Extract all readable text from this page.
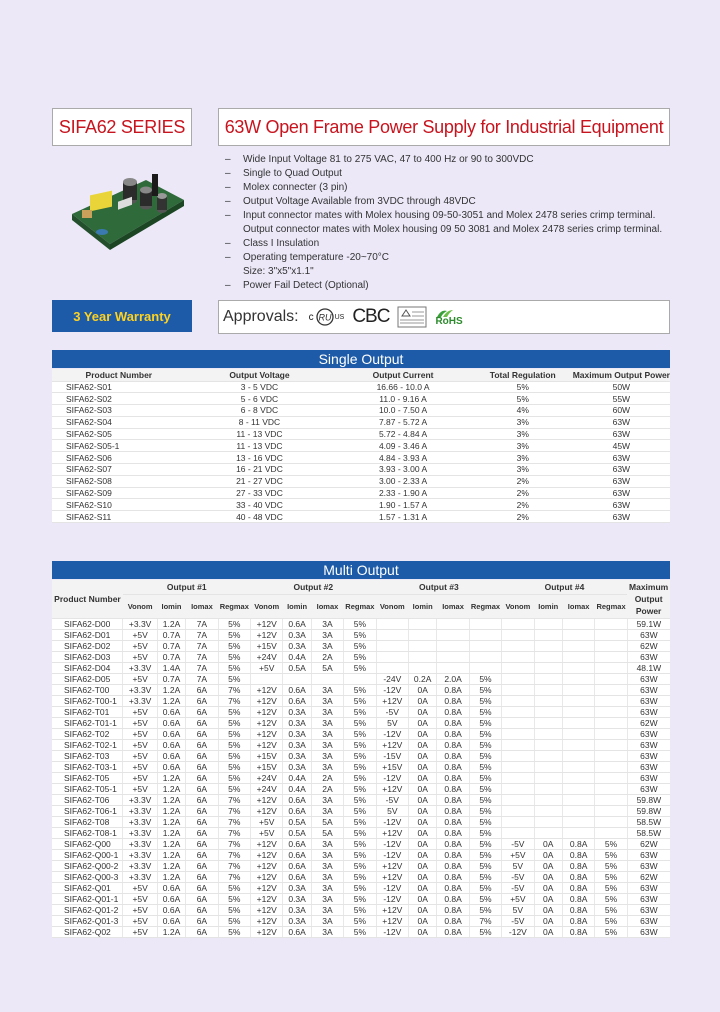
SIFA62 SERIES	63W Open Frame Power Supply for Industrial Equipment
–	Wide Input Voltage 81 to 275 VAC, 47 to 400 Hz or 90 to 300VDC
–	Single to Quad Output
–	Molex connecter (3 pin)
–	Output Voltage Available from 3VDC through 48VDC
–	Input connector mates with Molex housing 09-50-3051 and Molex 2478 series crimp terminal.
Output connector mates with Molex housing 09 50 3081 and Molex 2478 series crimp terminal.
–	Class I Insulation
–	Operating temperature -20~70°C
Size: 3"x5"x1.1"
–	Power Fail Detect (Optional)
3 Year Warranty	Approvals: c RU US CBC	RoHS
Single Output
Product Number	Output Voltage	Output Current	Total Regulation	Maximum Output Power
SIFA62-S01	3 - 5 VDC	16.66 - 10.0 A	5%	50W
SIFA62-S02	5 - 6 VDC	11.0 - 9.16 A	5%	55W
SIFA62-S03	6 - 8 VDC	10.0 - 7.50 A	4%	60W
SIFA62-S04	8 - 11 VDC	7.87 - 5.72 A	3%	63W
SIFA62-S05	11 - 13 VDC	5.72 - 4.84 A	3%	63W
SIFA62-S05-1	11 - 13 VDC	4.09 - 3.46 A	3%	45W
SIFA62-S06	13 - 16 VDC	4.84 - 3.93 A	3%	63W
SIFA62-S07	16 - 21 VDC	3.93 - 3.00 A	3%	63W
SIFA62-S08	21 - 27 VDC	3.00 - 2.33 A	2%	63W
SIFA62-S09	27 - 33 VDC	2.33 - 1.90 A	2%	63W
SIFA62-S10	33 - 40 VDC	1.90 - 1.57 A	2%	63W
SIFA62-S11	40 - 48 VDC	1.57 - 1.31 A	2%	63W
Multi Output
Product Number	Output #1				Output #2				Output #3				Output #4				Maximum Output Power
	Vonom	Iomin	Iomax	Regmax	Vonom	Iomin	Iomax	Regmax	Vonom	Iomin	Iomax	Regmax	Vonom	Iomin	Iomax	Regmax	
SIFA62-D00	+3.3V	1.2A	7A	5%	+12V	0.6A	3A	5%									59.1W
SIFA62-D01	+5V	0.7A	7A	5%	+12V	0.3A	3A	5%									63W
SIFA62-D02	+5V	0.7A	7A	5%	+15V	0.3A	3A	5%									62W
SIFA62-D03	+5V	0.7A	7A	5%	+24V	0.4A	2A	5%									63W
SIFA62-D04	+3.3V	1.4A	7A	5%	+5V	0.5A	5A	5%									48.1W
SIFA62-D05	+5V	0.7A	7A	5%					-24V	0.2A	2.0A	5%					63W
SIFA62-T00	+3.3V	1.2A	6A	7%	+12V	0.6A	3A	5%	-12V	0A	0.8A	5%					63W
SIFA62-T00-1	+3.3V	1.2A	6A	7%	+12V	0.6A	3A	5%	+12V	0A	0.8A	5%					63W
SIFA62-T01	+5V	0.6A	6A	5%	+12V	0.3A	3A	5%	-5V	0A	0.8A	5%					63W
SIFA62-T01-1	+5V	0.6A	6A	5%	+12V	0.3A	3A	5%	5V	0A	0.8A	5%					62W
SIFA62-T02	+5V	0.6A	6A	5%	+12V	0.3A	3A	5%	-12V	0A	0.8A	5%					63W
SIFA62-T02-1	+5V	0.6A	6A	5%	+12V	0.3A	3A	5%	+12V	0A	0.8A	5%					63W
SIFA62-T03	+5V	0.6A	6A	5%	+15V	0.3A	3A	5%	-15V	0A	0.8A	5%					63W
SIFA62-T03-1	+5V	0.6A	6A	5%	+15V	0.3A	3A	5%	+15V	0A	0.8A	5%					63W
SIFA62-T05	+5V	1.2A	6A	5%	+24V	0.4A	2A	5%	-12V	0A	0.8A	5%					63W
SIFA62-T05-1	+5V	1.2A	6A	5%	+24V	0.4A	2A	5%	+12V	0A	0.8A	5%					63W
SIFA62-T06	+3.3V	1.2A	6A	7%	+12V	0.6A	3A	5%	-5V	0A	0.8A	5%					59.8W
SIFA62-T06-1	+3.3V	1.2A	6A	7%	+12V	0.6A	3A	5%	5V	0A	0.8A	5%					59.8W
SIFA62-T08	+3.3V	1.2A	6A	7%	+5V	0.5A	5A	5%	-12V	0A	0.8A	5%					58.5W
SIFA62-T08-1	+3.3V	1.2A	6A	7%	+5V	0.5A	5A	5%	+12V	0A	0.8A	5%					58.5W
SIFA62-Q00	+3.3V	1.2A	6A	7%	+12V	0.6A	3A	5%	-12V	0A	0.8A	5%	-5V	0A	0.8A	5%	62W
SIFA62-Q00-1	+3.3V	1.2A	6A	7%	+12V	0.6A	3A	5%	-12V	0A	0.8A	5%	+5V	0A	0.8A	5%	63W
SIFA62-Q00-2	+3.3V	1.2A	6A	7%	+12V	0.6A	3A	5%	+12V	0A	0.8A	5%	5V	0A	0.8A	5%	63W
SIFA62-Q00-3	+3.3V	1.2A	6A	7%	+12V	0.6A	3A	5%	+12V	0A	0.8A	5%	-5V	0A	0.8A	5%	62W
SIFA62-Q01	+5V	0.6A	6A	5%	+12V	0.3A	3A	5%	-12V	0A	0.8A	5%	-5V	0A	0.8A	5%	63W
SIFA62-Q01-1	+5V	0.6A	6A	5%	+12V	0.3A	3A	5%	-12V	0A	0.8A	5%	+5V	0A	0.8A	5%	63W
SIFA62-Q01-2	+5V	0.6A	6A	5%	+12V	0.3A	3A	5%	+12V	0A	0.8A	5%	5V	0A	0.8A	5%	63W
SIFA62-Q01-3	+5V	0.6A	6A	5%	+12V	0.3A	3A	5%	+12V	0A	0.8A	7%	-5V	0A	0.8A	5%	63W
SIFA62-Q02	+5V	1.2A	6A	5%	+12V	0.6A	3A	5%	-12V	0A	0.8A	5%	-12V	0A	0.8A	5%	63W
